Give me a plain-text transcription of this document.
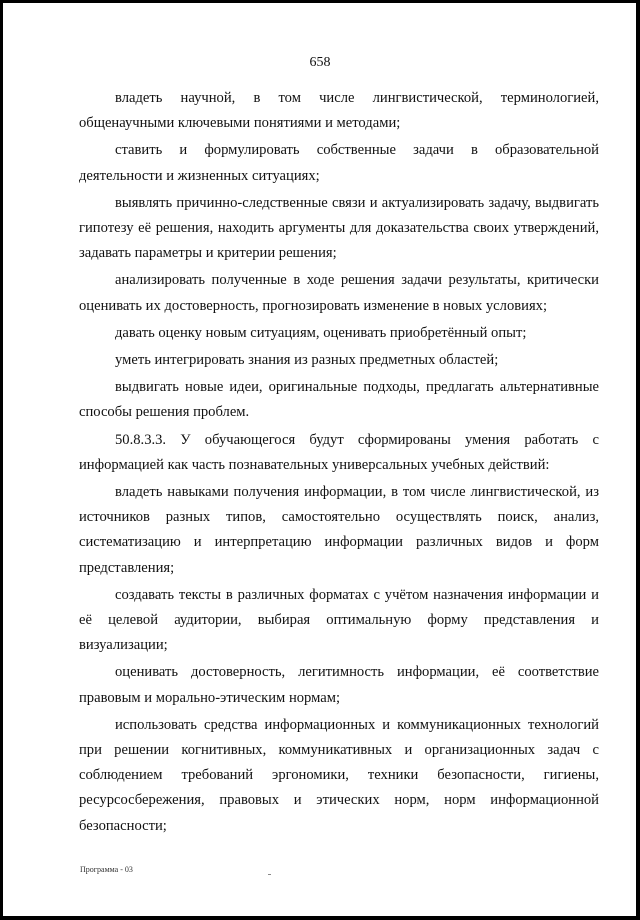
658

владеть научной, в том числе лингвистической, терминологией, общенаучными ключевыми понятиями и методами;

ставить и формулировать собственные задачи в образовательной деятельности и жизненных ситуациях;

выявлять причинно-следственные связи и актуализировать задачу, выдвигать гипотезу её решения, находить аргументы для доказательства своих утверждений, задавать параметры и критерии решения;

анализировать полученные в ходе решения задачи результаты, критически оценивать их достоверность, прогнозировать изменение в новых условиях;

давать оценку новым ситуациям, оценивать приобретённый опыт;

уметь интегрировать знания из разных предметных областей;

выдвигать новые идеи, оригинальные подходы, предлагать альтернативные способы решения проблем.

50.8.3.3. У обучающегося будут сформированы умения работать с информацией как часть познавательных универсальных учебных действий:

владеть навыками получения информации, в том числе лингвистической, из источников разных типов, самостоятельно осуществлять поиск, анализ, систематизацию и интерпретацию информации различных видов и форм представления;

создавать тексты в различных форматах с учётом назначения информации и её целевой аудитории, выбирая оптимальную форму представления и визуализации;

оценивать достоверность, легитимность информации, её соответствие правовым и морально-этическим нормам;

использовать средства информационных и коммуникационных технологий при решении когнитивных, коммуникативных и организационных задач с соблюдением требований эргономики, техники безопасности, гигиены, ресурсосбережения, правовых и этических норм, норм информационной безопасности;

Программа - 03
